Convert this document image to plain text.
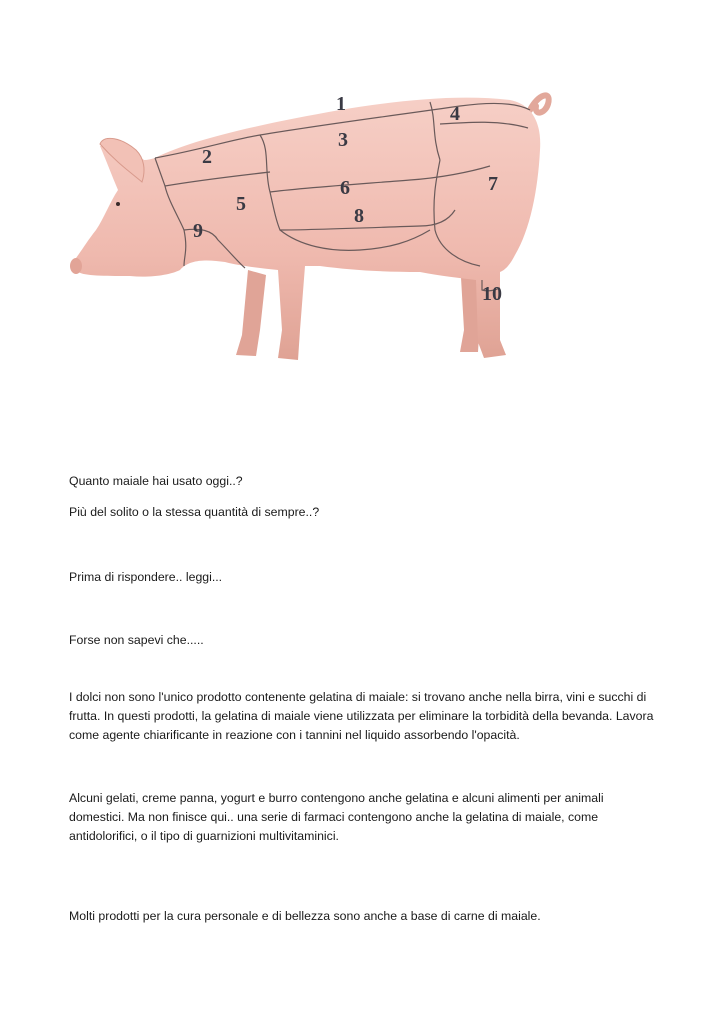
1
2
3
4
5
6	7
8
9
10

Quanto maiale hai usato oggi..?

Più del solito o la stessa quantità di sempre..?

Prima di rispondere.. leggi...

Forse non sapevi che.....

I dolci non sono l'unico prodotto contenente gelatina di maiale: si trovano anche nella birra, vini e succhi di frutta. In questi prodotti, la gelatina di maiale viene utilizzata per eliminare la torbidità della bevanda. Lavora come agente chiarificante in reazione con i tannini nel liquido assorbendo l'opacità.

Alcuni gelati, creme panna, yogurt e burro contengono anche gelatina e alcuni alimenti per animali domestici. Ma non finisce qui.. una serie di farmaci contengono anche la gelatina di maiale, come antidolorifici, o il tipo di guarnizioni multivitaminici.

Molti prodotti per la cura personale e di bellezza sono anche a base di carne di maiale.
